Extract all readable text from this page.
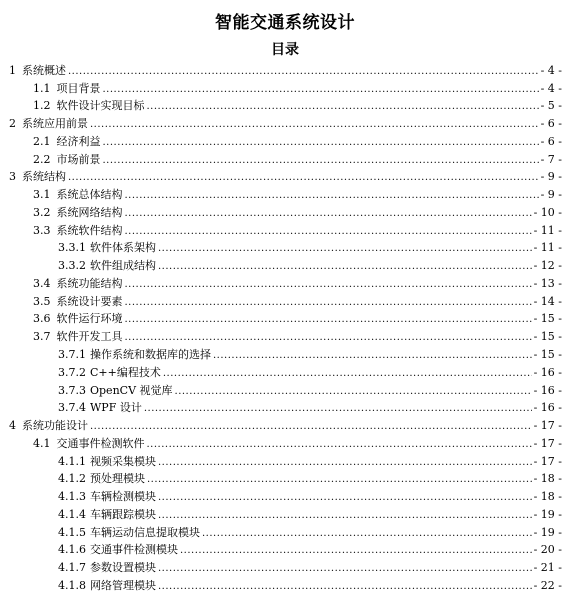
智能交通系统设计
目录
1 系统概述 .....	- 4 -
1.1 项目背景 .....	- 4 -
1.2 软件设计实现目标 .....	- 5 -
2 系统应用前景 .....	- 6 -
2.1 经济利益 .....	- 6 -
2.2 市场前景 .....	- 7 -
3 系统结构 .....	- 9 -
3.1 系统总体结构 .....	- 9 -
3.2 系统网络结构 .....	- 10 -
3.3 系统软件结构 .....	- 11 -
3.3.1 软件体系架构 .....	- 11 -
3.3.2 软件组成结构 .....	- 12 -
3.4 系统功能结构 .....	- 13 -
3.5 系统设计要素 .....	- 14 -
3.6 软件运行环境 .....	- 15 -
3.7 软件开发工具 .....	- 15 -
3.7.1 操作系统和数据库的选择 .....	- 15 -
3.7.2 C++编程技术 .....	- 16 -
3.7.3 OpenCV 视觉库 .....	- 16 -
3.7.4 WPF 设计 .....	- 16 -
4 系统功能设计 .....	- 17 -
4.1 交通事件检测软件 .....	- 17 -
4.1.1 视频采集模块 .....	- 17 -
4.1.2 预处理模块 .....	- 18 -
4.1.3 车辆检测模块 .....	- 18 -
4.1.4 车辆跟踪模块 .....	- 19 -
4.1.5 车辆运动信息提取模块 .....	- 19 -
4.1.6 交通事件检测模块 .....	- 20 -
4.1.7 参数设置模块 .....	- 21 -
4.1.8 网络管理模块 .....	- 22 -
